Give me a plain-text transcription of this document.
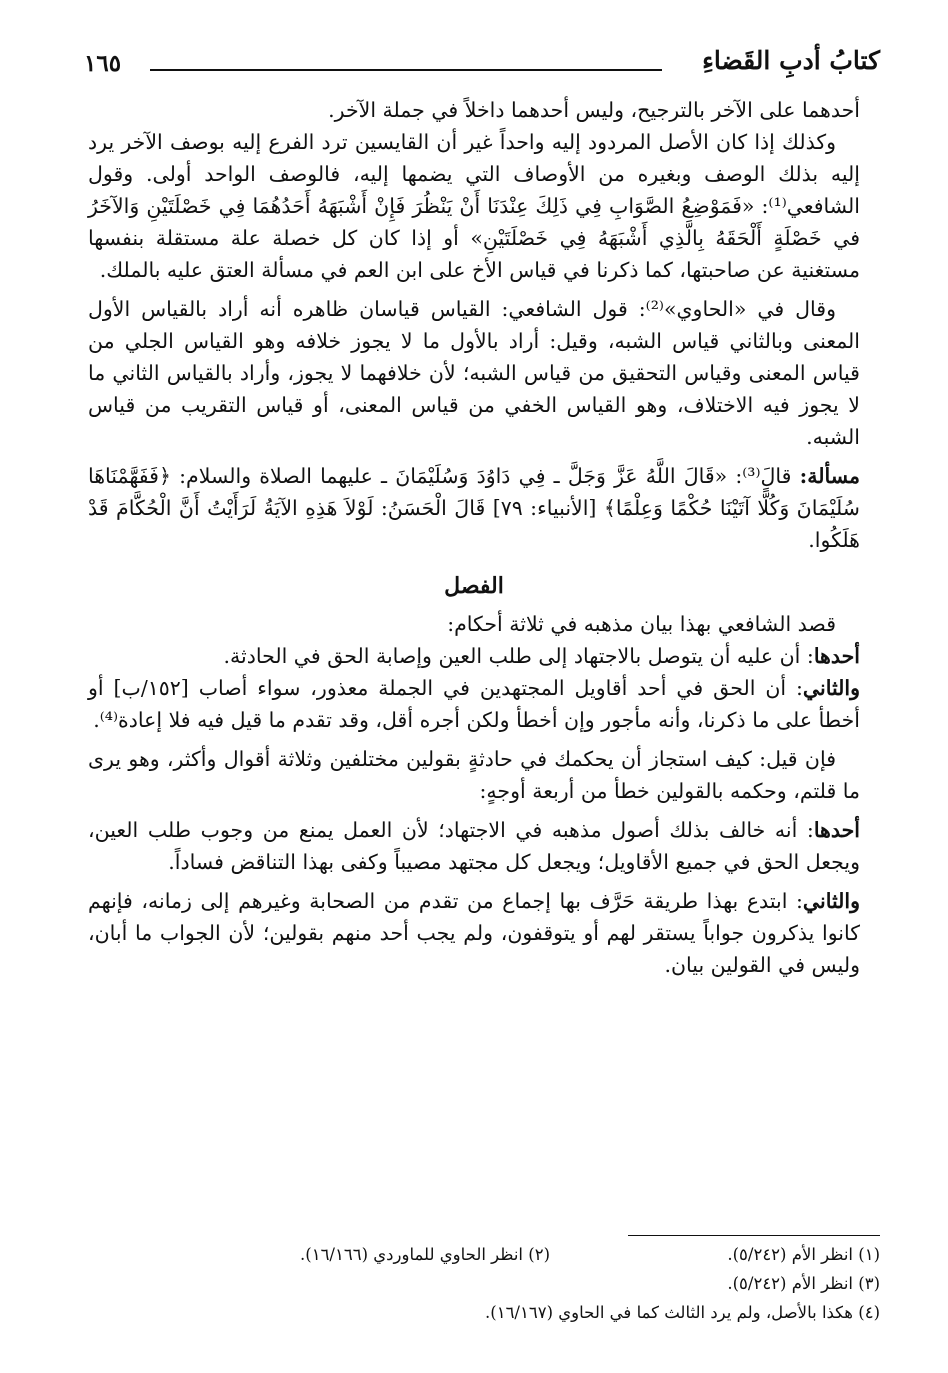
كتابُ أدبِ القَضاءِ
١٦٥

أحدهما على الآخر بالترجيح، وليس أحدهما داخلاً في جملة الآخر.

وكذلك إذا كان الأصل المردود إليه واحداً غير أن القايسين ترد الفرع إليه بوصف الآخر يرد إليه بذلك الوصف وبغيره من الأوصاف التي يضمها إليه، فالوصف الواحد أولى. وقول الشافعي⁽¹⁾: «فَمَوْضِعُ الصَّوَابِ فِي ذَلِكَ عِنْدَنَا أَنْ يَنْظُرَ فَإِنْ أَشْبَهَهُ أَحَدُهُمَا فِي خَصْلَتَيْنِ وَالآخَرُ في خَصْلَةٍ أَلْحَقَهُ بِالَّذِي أَشْبَهَهُ فِي خَصْلَتَيْنِ» أو إذا كان كل خصلة علة مستقلة بنفسها مستغنية عن صاحبتها، كما ذكرنا في قياس الأخ على ابن العم في مسألة العتق عليه بالملك.

وقال في «الحاوي»⁽²⁾: قول الشافعي: القياس قياسان ظاهره أنه أراد بالقياس الأول المعنى وبالثاني قياس الشبه، وقيل: أراد بالأول ما لا يجوز خلافه وهو القياس الجلي من قياس المعنى وقياس التحقيق من قياس الشبه؛ لأن خلافهما لا يجوز، وأراد بالقياس الثاني ما لا يجوز فيه الاختلاف، وهو القياس الخفي من قياس المعنى، أو قياس التقريب من قياس الشبه.

مسألة: قالَ⁽³⁾: «قَالَ اللَّهُ عَزَّ وَجَلَّ ـ فِي دَاوُدَ وَسُلَيْمَانَ ـ عليهما الصلاة والسلام: ﴿فَفَهَّمْنَاهَا سُلَيْمَانَ وَكُلًّا آتَيْنَا حُكْمًا وَعِلْمًا﴾ [الأنبياء: ٧٩] قَالَ الْحَسَنُ: لَوْلاَ هَذِهِ الآيَةُ لَرَأَيْتُ أَنَّ الْحُكَّامَ قَدْ هَلَكُوا.

الفصل

قصد الشافعي بهذا بيان مذهبه في ثلاثة أحكام:

أحدها: أن عليه أن يتوصل بالاجتهاد إلى طلب العين وإصابة الحق في الحادثة.

والثاني: أن الحق في أحد أقاويل المجتهدين في الجملة معذور، سواء أصاب [١٥٢/ب] أو أخطأ على ما ذكرنا، وأنه مأجور وإن أخطأ ولكن أجره أقل، وقد تقدم ما قيل فيه فلا إعادة⁽⁴⁾.

فإن قيل: كيف استجاز أن يحكمك في حادثةٍ بقولين مختلفين وثلاثة أقوال وأكثر، وهو يرى ما قلتم، وحكمه بالقولين خطأ من أربعة أوجهٍ:

أحدها: أنه خالف بذلك أصول مذهبه في الاجتهاد؛ لأن العمل يمنع من وجوب طلب العين، ويجعل الحق في جميع الأقاويل؛ ويجعل كل مجتهد مصيباً وكفى بهذا التناقض فساداً.

والثاني: ابتدع بهذا طريقة حَرَّف بها إجماع من تقدم من الصحابة وغيرهم إلى زمانه، فإنهم كانوا يذكرون جواباً يستقر لهم أو يتوقفون، ولم يجب أحد منهم بقولين؛ لأن الجواب ما أبان، وليس في القولين بيان.

(١) انظر الأم (٥/٢٤٢).
(٢) انظر الحاوي للماوردي (١٦/١٦٦).
(٣) انظر الأم (٥/٢٤٢).
(٤) هكذا بالأصل، ولم يرد الثالث كما في الحاوي (١٦/١٦٧).
